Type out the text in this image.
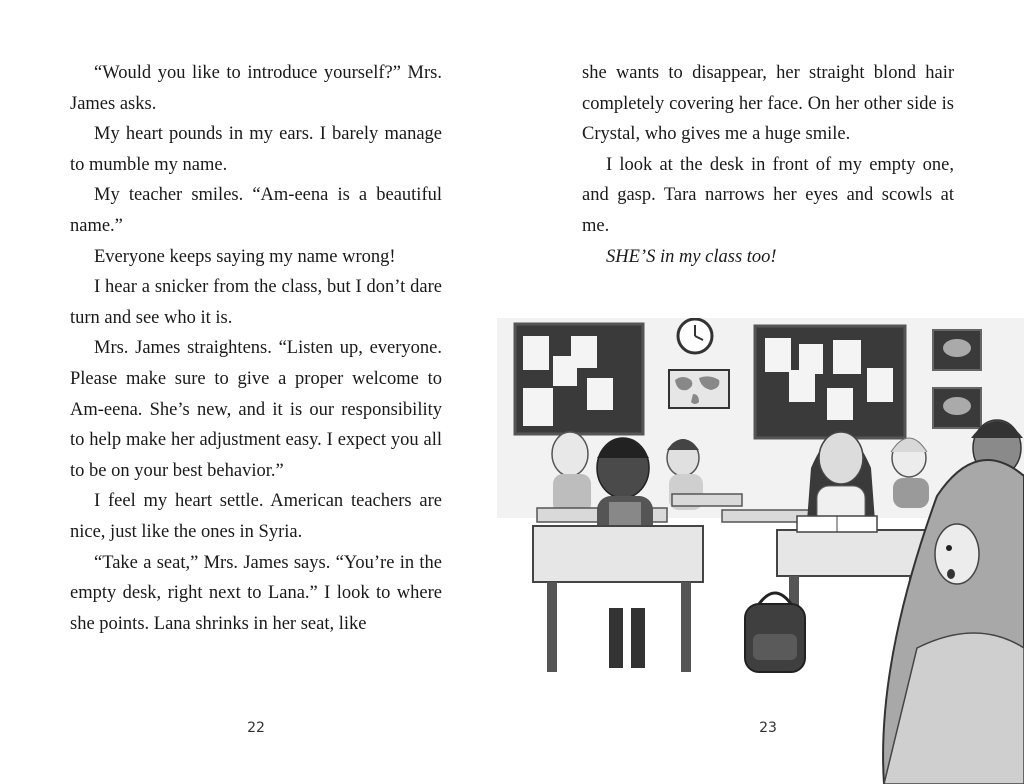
“Would you like to introduce yourself?” Mrs. James asks.

My heart pounds in my ears. I barely manage to mumble my name.

My teacher smiles. “Am-eena is a beautiful name.”

Everyone keeps saying my name wrong!

I hear a snicker from the class, but I don’t dare turn and see who it is.

Mrs. James straightens. “Listen up, everyone. Please make sure to give a proper welcome to Am-eena. She’s new, and it is our responsibility to help make her adjustment easy. I expect you all to be on your best behavior.”

I feel my heart settle. American teachers are nice, just like the ones in Syria.

“Take a seat,” Mrs. James says. “You’re in the empty desk, right next to Lana.” I look to where she points. Lana shrinks in her seat, like

22

she wants to disappear, her straight blond hair completely covering her face. On her other side is Crystal, who gives me a huge smile.

I look at the desk in front of my empty one, and gasp. Tara narrows her eyes and scowls at me.

SHE’S in my class too!

23
